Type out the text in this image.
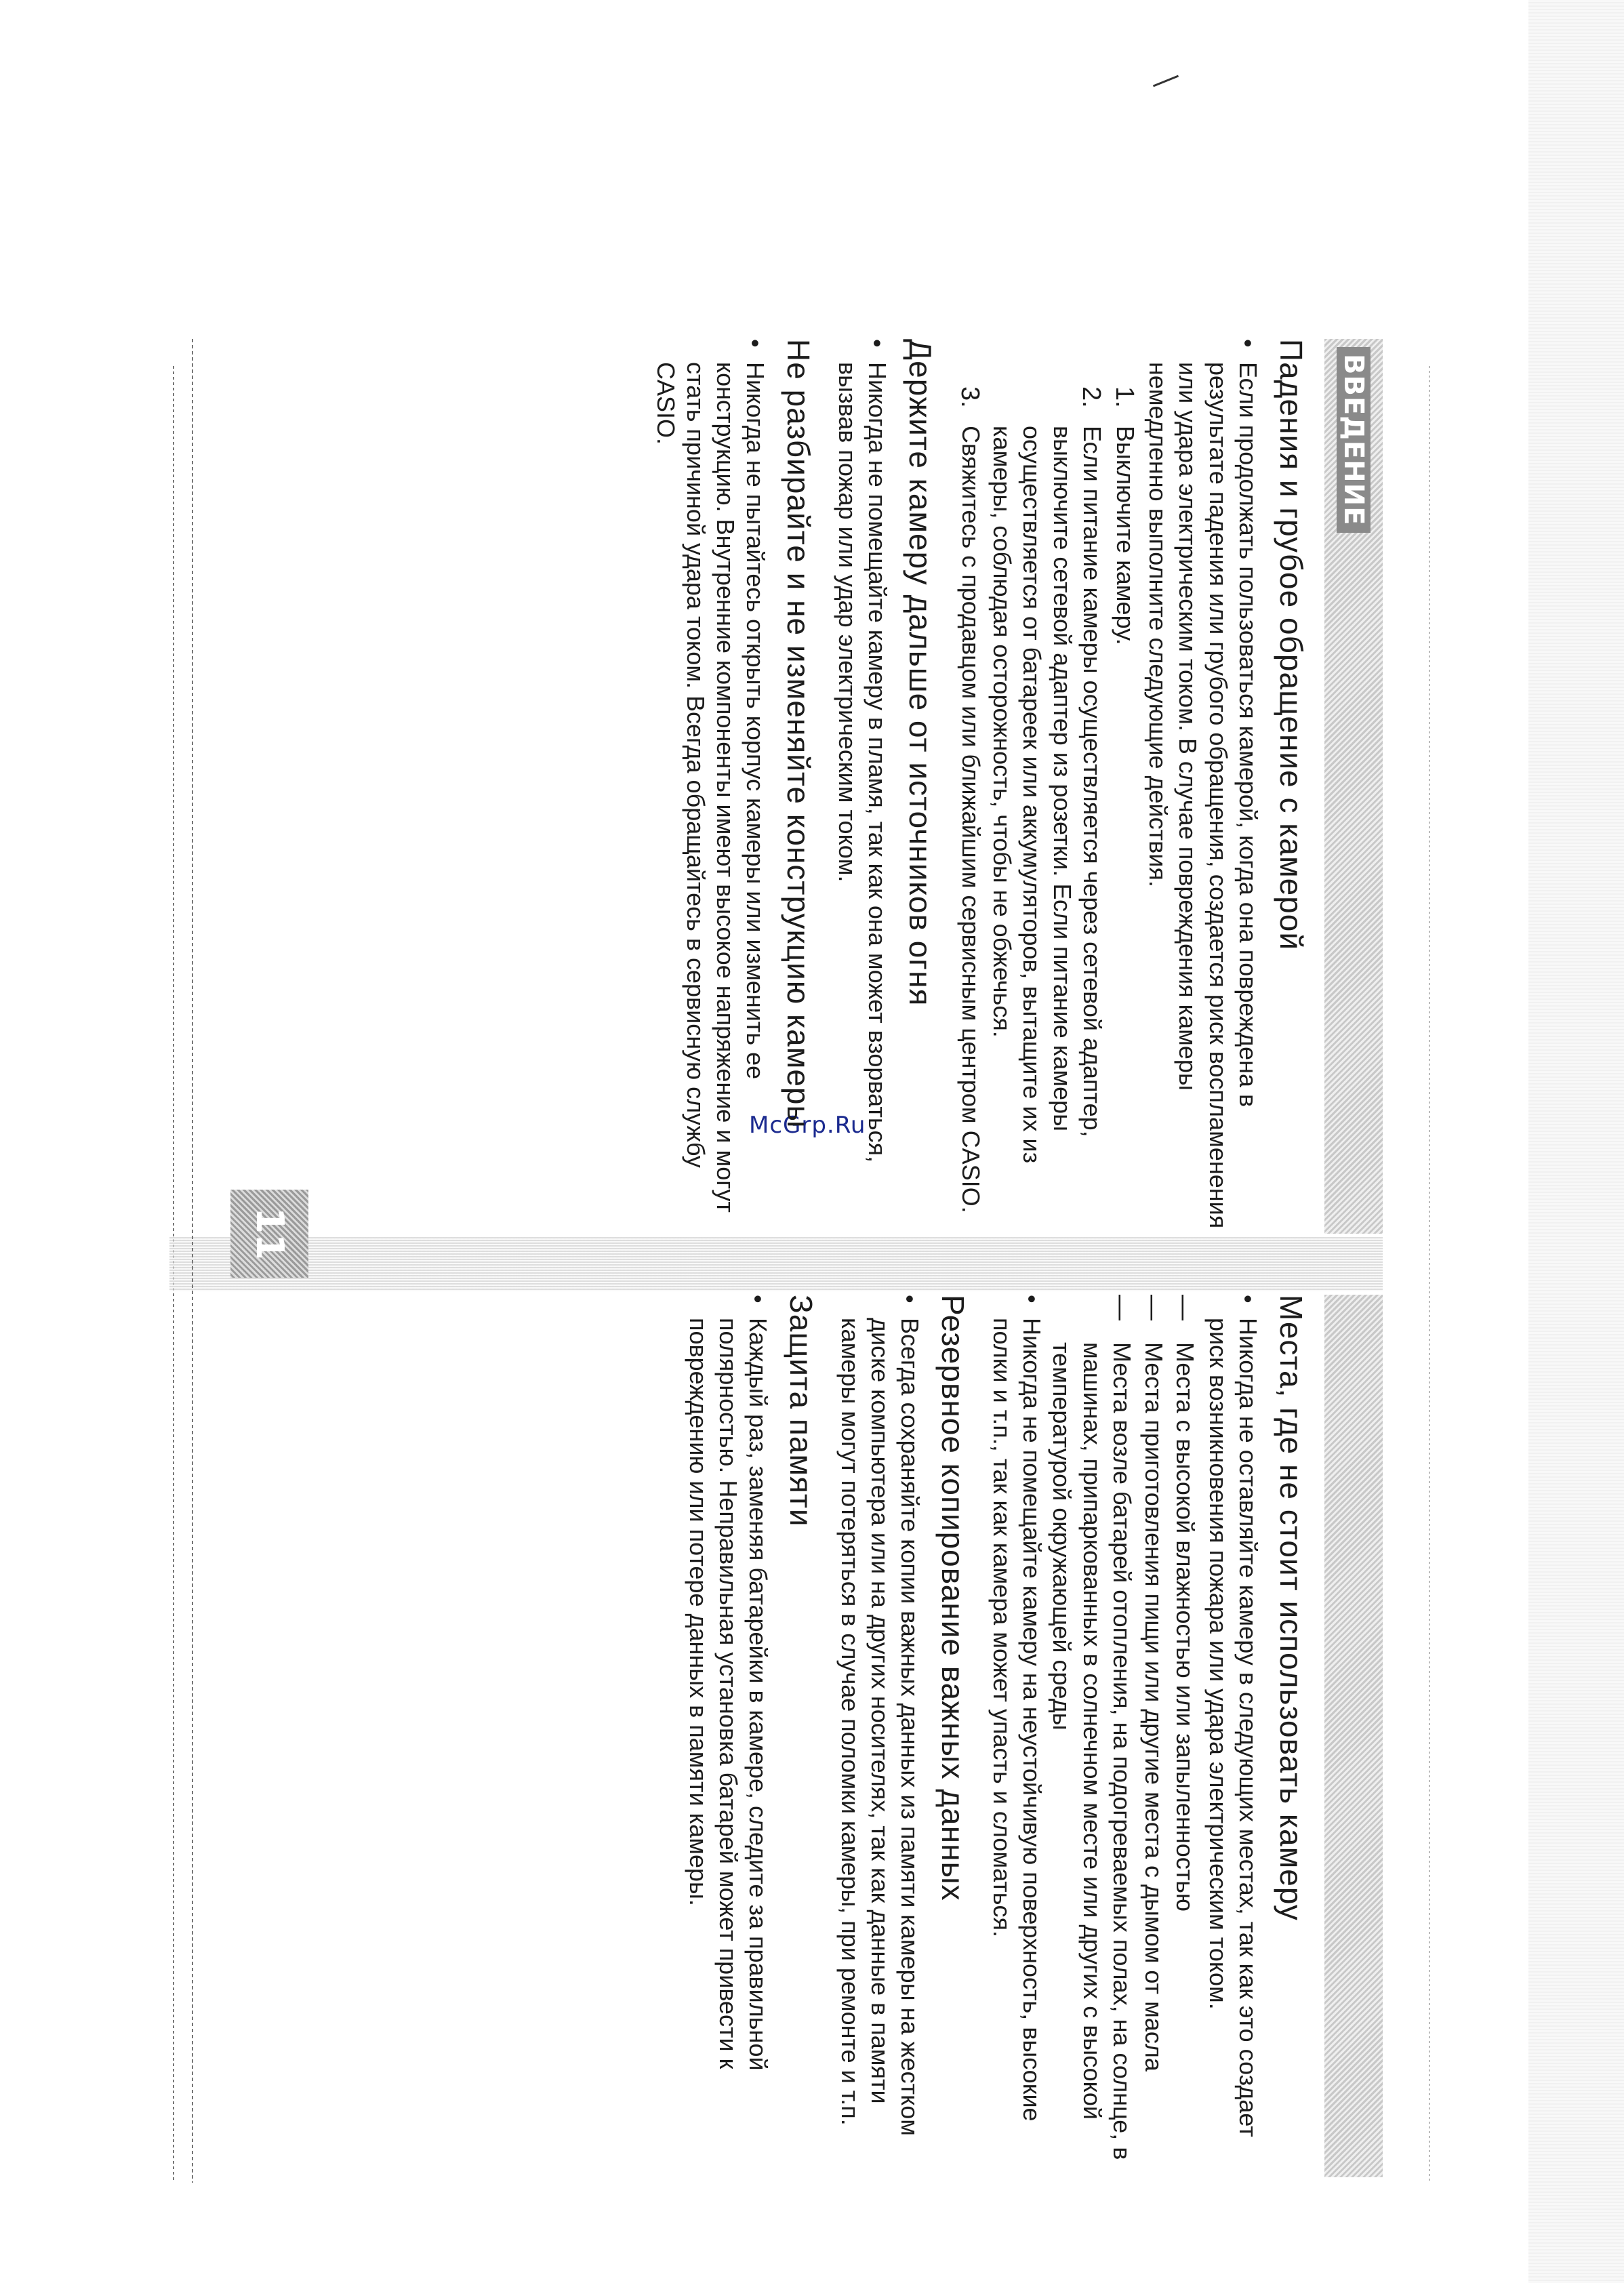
McGrp.Ru
ВВЕДЕНИЕ
Падения и грубое обращение с камерой
•

Если продолжать пользоваться камерой, когда она повреждена в результате падения или грубого обращения, создается риск воспламенения или удара электрическим током. В случае повреждения камеры немедленно выполните следующие действия.

1.

Выключите камеру.

2.

Если питание камеры осуществляется через сетевой адаптер, выключите сетевой адаптер из розетки. Если питание камеры осуществляется от батареек или аккумуляторов, вытащите их из камеры, соблюдая осторожность, чтобы не обжечься.

3.

Свяжитесь с продавцом или ближайшим сервисным центром CASIO.

Держите камеру дальше от источников огня
•

Никогда не помещайте камеру в пламя, так как она может взорваться, вызвав пожар или удар электрическим током.

Не разбирайте и не изменяйте конструкцию камеры
•

Никогда не пытайтесь открыть корпус камеры или изменить ее конструкцию. Внутренние компоненты имеют высокое напряжение и могут стать причиной удара током. Всегда обращайтесь в сервисную службу CASIO.

Места, где не стоит использовать камеру
•

Никогда не оставляйте камеру в следующих местах, так как это создает риск возникновения пожара или удара электрическим током.

—

Места с высокой влажностью или запыленностью

—

Места приготовления пищи или другие места с дымом от масла

—

Места возле батарей отопления, на подогреваемых полах, на солнце, в машинах, припаркованных в солнечном месте или других с высокой температурой окружающей среды

•

Никогда не помещайте камеру на неустойчивую поверхность, высокие полки и т.п., так как камера может упасть и сломаться.

Резервное копирование важных данных
•

Всегда сохраняйте копии важных данных из памяти камеры на жестком диске компьютера или на других носителях, так как данные в памяти камеры могут потеряться в случае поломки камеры, при ремонте и т.п.

Защита памяти
•

Каждый раз, заменяя батарейки в камере, следите за правильной полярностью. Неправильная установка батарей может привести к повреждению или потере данных в памяти камеры.

11
